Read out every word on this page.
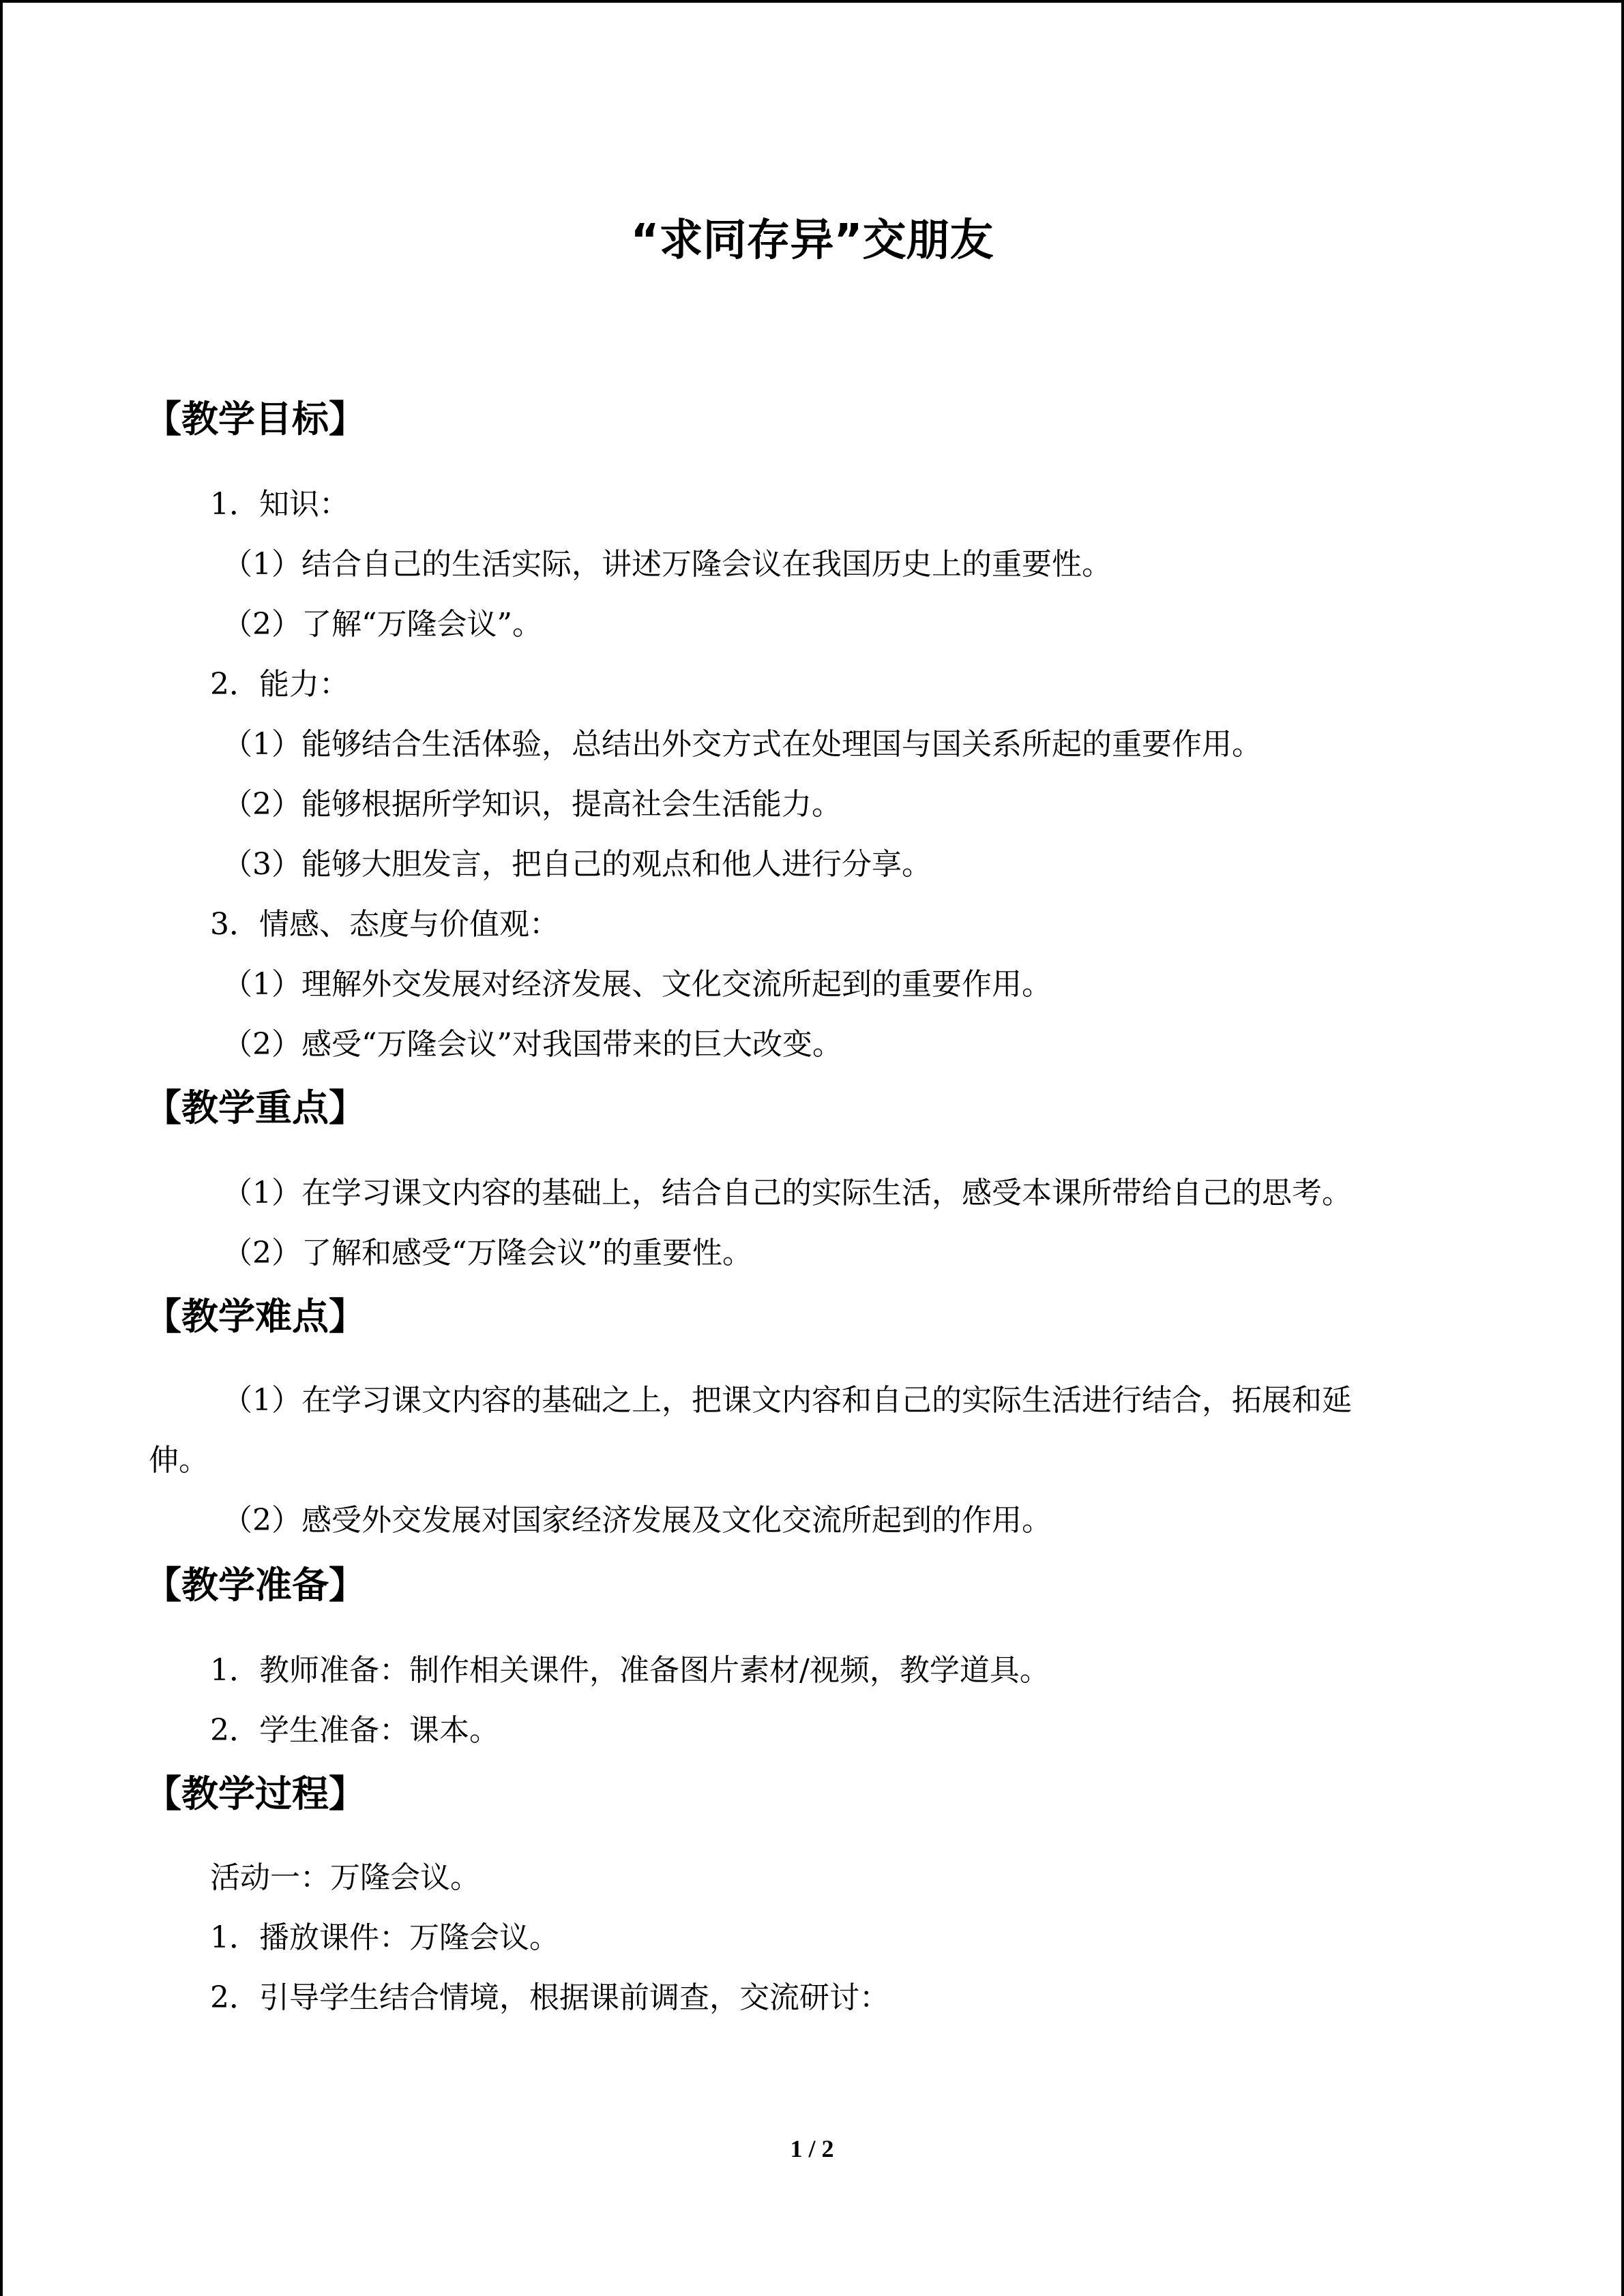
“求同存异”交朋友
【教学目标】
1．知识：
（1）结合自己的生活实际，讲述万隆会议在我国历史上的重要性。
（2）了解“万隆会议”。
2．能力：
（1）能够结合生活体验，总结出外交方式在处理国与国关系所起的重要作用。
（2）能够根据所学知识，提高社会生活能力。
（3）能够大胆发言，把自己的观点和他人进行分享。
3．情感、态度与价值观：
（1）理解外交发展对经济发展、文化交流所起到的重要作用。
（2）感受“万隆会议”对我国带来的巨大改变。
【教学重点】
（1）在学习课文内容的基础上，结合自己的实际生活，感受本课所带给自己的思考。
（2）了解和感受“万隆会议”的重要性。
【教学难点】
（1）在学习课文内容的基础之上，把课文内容和自己的实际生活进行结合，拓展和延
伸。
（2）感受外交发展对国家经济发展及文化交流所起到的作用。
【教学准备】
1．教师准备：制作相关课件，准备图片素材/视频，教学道具。
2．学生准备：课本。
【教学过程】
活动一：万隆会议。
1．播放课件：万隆会议。
2．引导学生结合情境，根据课前调查，交流研讨：
1 / 2
